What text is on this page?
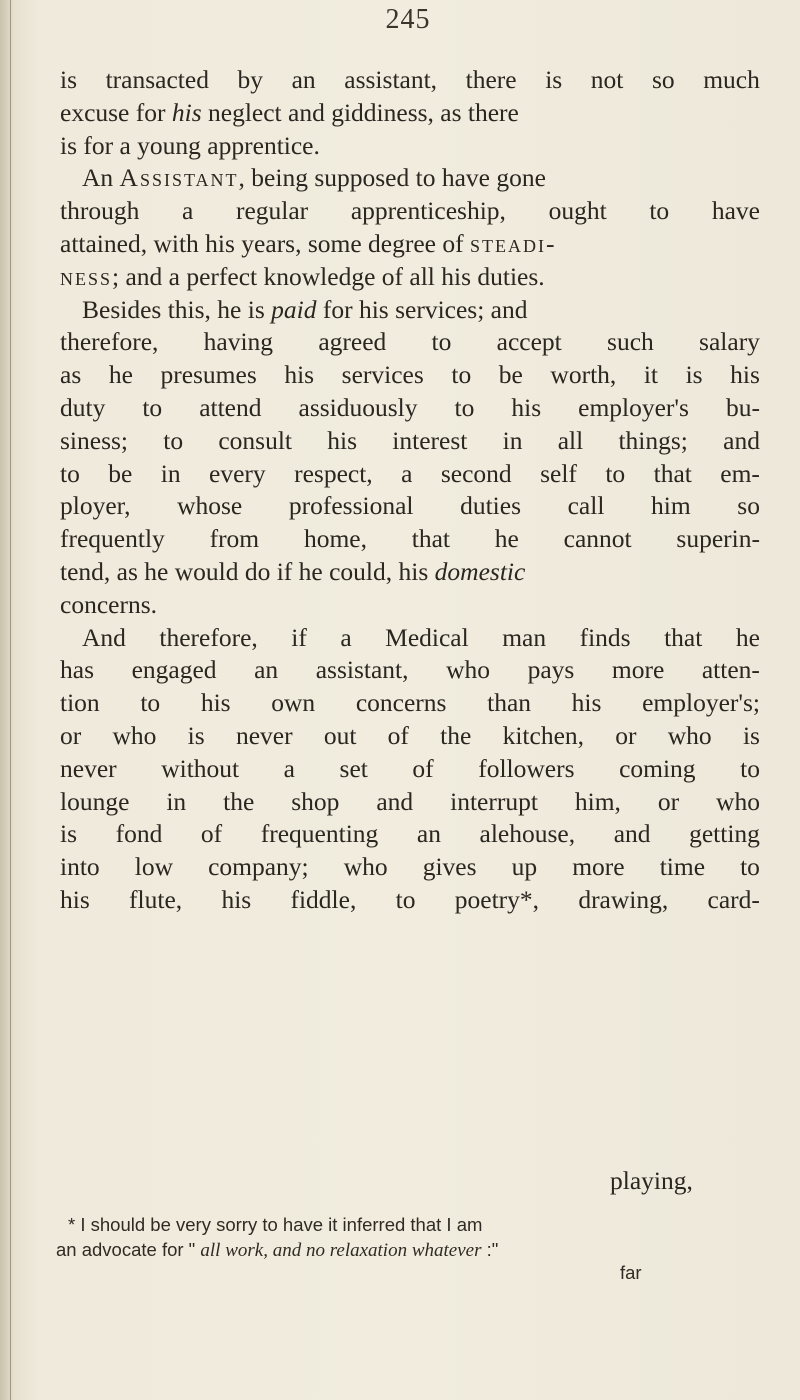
245
is transacted by an assistant, there is not so much
excuse for his neglect and giddiness, as there
is for a young apprentice.
An Assistant, being supposed to have gone
through a regular apprenticeship, ought to have
attained, with his years, some degree of steadi-
ness; and a perfect knowledge of all his duties.
Besides this, he is paid for his services; and
therefore, having agreed to accept such salary
as he presumes his services to be worth, it is his
duty to attend assiduously to his employer's bu-
siness; to consult his interest in all things; and
to be in every respect, a second self to that em-
ployer, whose professional duties call him so
frequently from home, that he cannot superin-
tend, as he would do if he could, his domestic
concerns.
And therefore, if a Medical man finds that he
has engaged an assistant, who pays more atten-
tion to his own concerns than his employer's;
or who is never out of the kitchen, or who is
never without a set of followers coming to
lounge in the shop and interrupt him, or who
is fond of frequenting an alehouse, and getting
into low company; who gives up more time to
his flute, his fiddle, to poetry*, drawing, card-
playing,
* I should be very sorry to have it inferred that I am
an advocate for " all work, and no relaxation whatever :"
far
